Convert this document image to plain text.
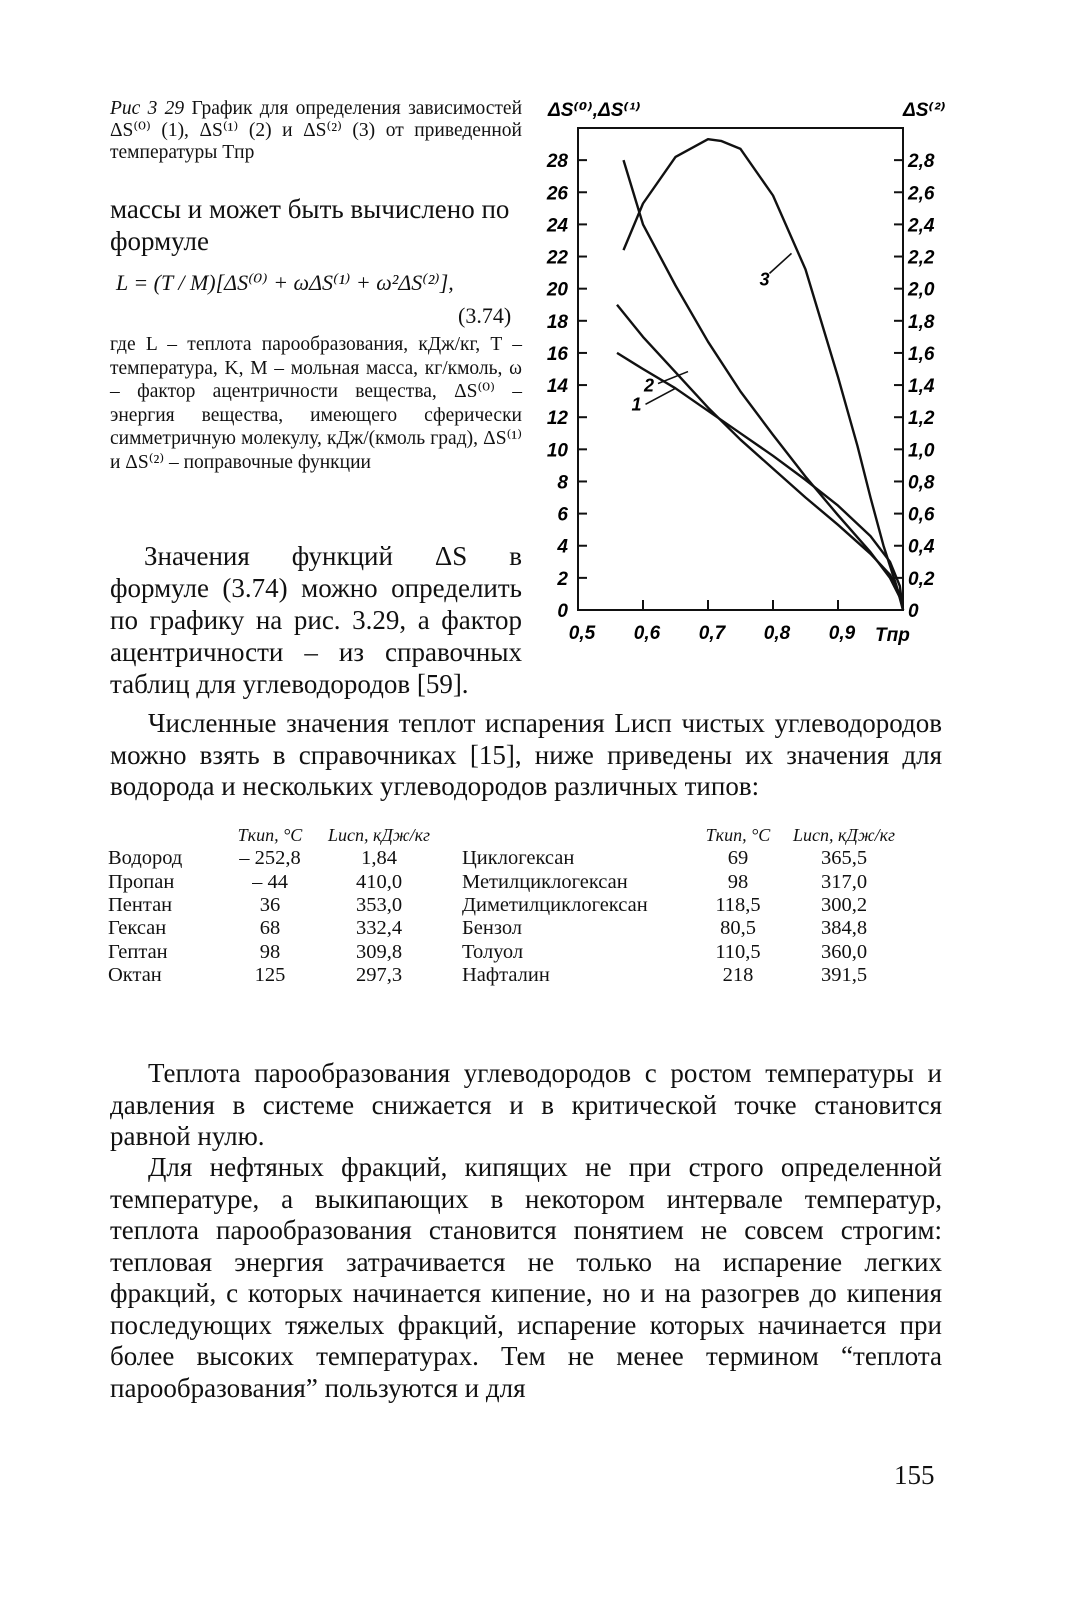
Рис 3 29 График для определения зависимостей ΔS⁽⁰⁾ (1), ΔS⁽¹⁾ (2) и ΔS⁽²⁾ (3) от приведенной температуры Tпр
массы и может быть вычислено по формуле
L = (T / M)[ΔS⁽⁰⁾ + ωΔS⁽¹⁾ + ω²ΔS⁽²⁾],
(3.74)
где L – теплота парообразования, кДж/кг, T – температура, K, M – мольная масса, кг/кмоль, ω – фактор ацентричности вещества, ΔS⁽⁰⁾ – энергия вещества, имеющего сферически симметричную молекулу, кДж/(кмоль град), ΔS⁽¹⁾ и ΔS⁽²⁾ – поправочные функции
Значения функций ΔS в формуле (3.74) можно определить по графику на рис. 3.29, а фактор ацентричности – из справочных таблиц для углеводородов [59].
0
2
4
6
8
10
12
14
16
18
20
22
24
26
28
0
0,2
0,4
0,6
0,8
1,0
1,2
1,4
1,6
1,8
2,0
2,2
2,4
2,6
2,8
0,5 0,6 0,7 0,8 0,9
ΔS⁽⁰⁾,ΔS⁽¹⁾	ΔS⁽²⁾
Tпр
1
2
3
Численные значения теплот испарения Lисп чистых углеводородов можно взять в справочниках [15], ниже приведены их значения для водорода и нескольких углеводородов различных типов:
	Tкип, °С	Lисп, кДж/кг		Tкип, °С	Lисп, кДж/кг
Водород	– 252,8	1,84	Циклогексан	69	365,5
Пропан	– 44	410,0	Метилциклогексан	98	317,0
Пентан	36	353,0	Диметилциклогексан	118,5	300,2
Гексан	68	332,4	Бензол	80,5	384,8
Гептан	98	309,8	Толуол	110,5	360,0
Октан	125	297,3	Нафталин	218	391,5
Теплота парообразования углеводородов с ростом температуры и давления в системе снижается и в критической точке становится равной нулю.
Для нефтяных фракций, кипящих не при строго определенной температуре, а выкипающих в некотором интервале температур, теплота парообразования становится понятием не совсем строгим: тепловая энергия затрачивается не только на испарение легких фракций, с которых начинается кипение, но и на разогрев до кипения последующих тяжелых фракций, испарение которых начинается при более высоких температурах. Тем не менее термином “теплота парообразования” пользуются и для
155
